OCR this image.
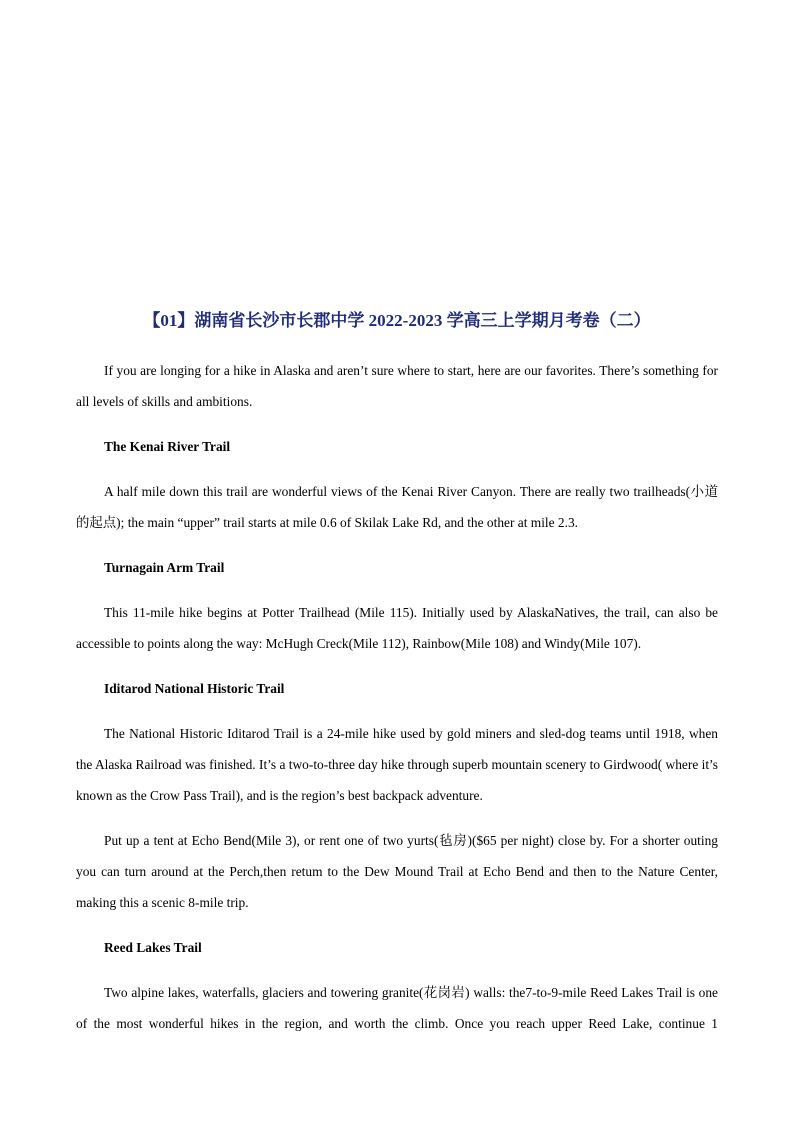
【01】湖南省长沙市长郡中学 2022-2023 学高三上学期月考卷（二）

If you are longing for a hike in Alaska and aren’t sure where to start, here are our favorites. There’s something for all levels of skills and ambitions.

The Kenai River Trail

A half mile down this trail are wonderful views of the Kenai River Canyon. There are really two trailheads(小道的起点); the main “upper” trail starts at mile 0.6 of Skilak Lake Rd, and the other at mile 2.3.

Turnagain Arm Trail

This 11-mile hike begins at Potter Trailhead (Mile 115). Initially used by AlaskaNatives, the trail, can also be accessible to points along the way: McHugh Creck(Mile 112), Rainbow(Mile 108) and Windy(Mile 107).

Iditarod National Historic Trail

The National Historic Iditarod Trail is a 24-mile hike used by gold miners and sled-dog teams until 1918, when the Alaska Railroad was finished. It’s a two-to-three day hike through superb mountain scenery to Girdwood( where it’s known as the Crow Pass Trail), and is the region’s best backpack adventure.

Put up a tent at Echo Bend(Mile 3), or rent one of two yurts(毡房)($65 per night) close by. For a shorter outing you can turn around at the Perch,then retum to the Dew Mound Trail at Echo Bend and then to the Nature Center, making this a scenic 8-mile trip.

Reed Lakes Trail

Two alpine lakes, waterfalls, glaciers and towering granite(花岗岩) walls: the7-to-9-mile Reed Lakes Trail is one of the most wonderful hikes in the region, and worth the climb. Once you reach upper Reed Lake, continue 1
